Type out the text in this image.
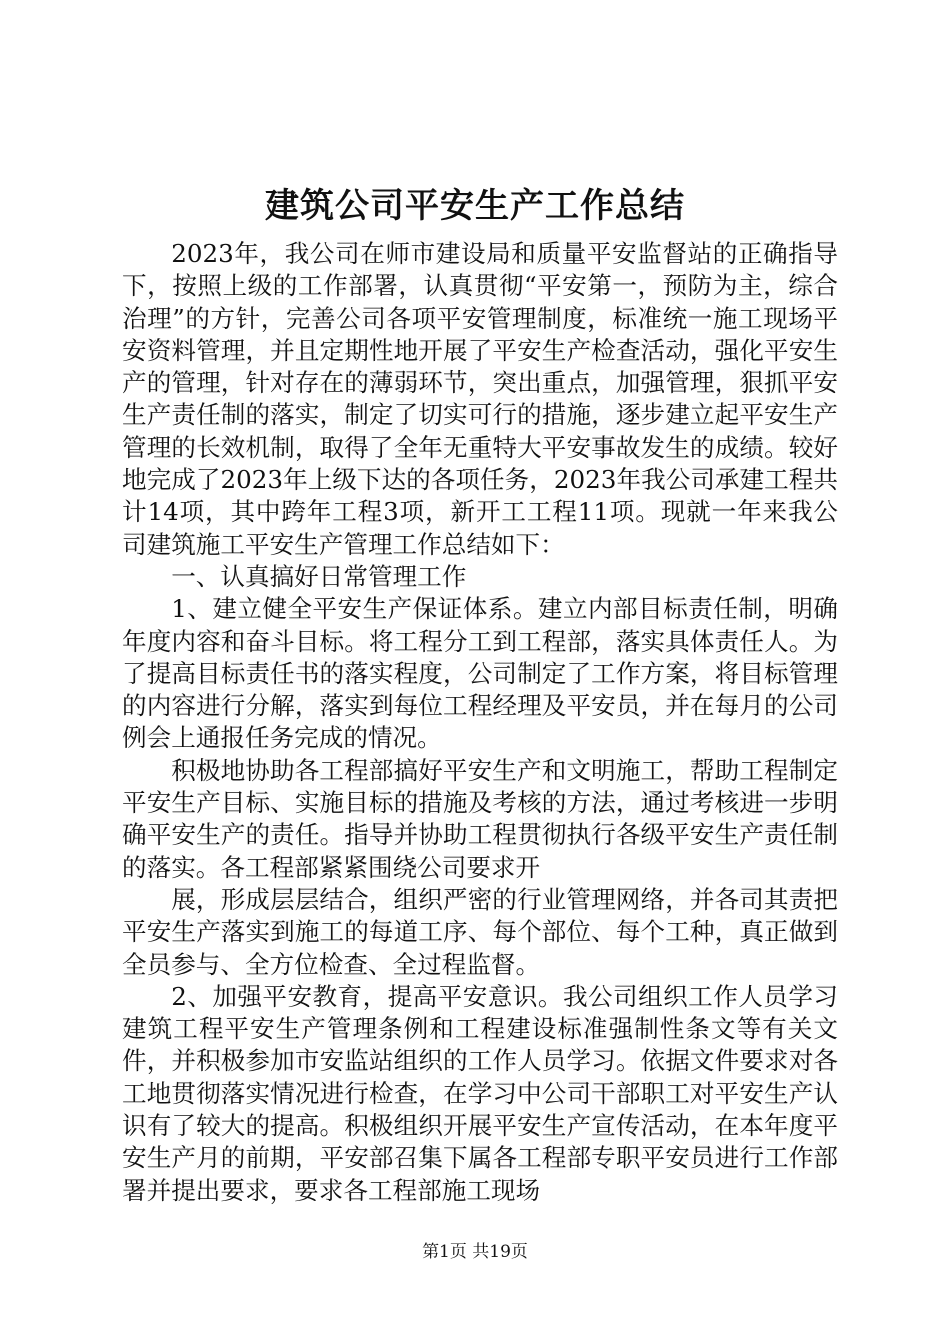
建筑公司平安生产工作总结

2023年，我公司在师市建设局和质量平安监督站的正确指导下，按照上级的工作部署，认真贯彻“平安第一，预防为主，综合治理”的方针，完善公司各项平安管理制度，标准统一施工现场平安资料管理，并且定期性地开展了平安生产检查活动，强化平安生产的管理，针对存在的薄弱环节，突出重点，加强管理，狠抓平安生产责任制的落实，制定了切实可行的措施，逐步建立起平安生产管理的长效机制，取得了全年无重特大平安事故发生的成绩。较好地完成了2023年上级下达的各项任务，2023年我公司承建工程共计14项，其中跨年工程3项，新开工工程11项。现就一年来我公司建筑施工平安生产管理工作总结如下：

一、认真搞好日常管理工作

1、建立健全平安生产保证体系。建立内部目标责任制，明确年度内容和奋斗目标。将工程分工到工程部，落实具体责任人。为了提高目标责任书的落实程度，公司制定了工作方案，将目标管理的内容进行分解，落实到每位工程经理及平安员，并在每月的公司例会上通报任务完成的情况。

积极地协助各工程部搞好平安生产和文明施工，帮助工程制定平安生产目标、实施目标的措施及考核的方法，通过考核进一步明确平安生产的责任。指导并协助工程贯彻执行各级平安生产责任制的落实。各工程部紧紧围绕公司要求开

展，形成层层结合，组织严密的行业管理网络，并各司其责把平安生产落实到施工的每道工序、每个部位、每个工种，真正做到全员参与、全方位检查、全过程监督。

2、加强平安教育，提高平安意识。我公司组织工作人员学习建筑工程平安生产管理条例和工程建设标准强制性条文等有关文件，并积极参加市安监站组织的工作人员学习。依据文件要求对各工地贯彻落实情况进行检查，在学习中公司干部职工对平安生产认识有了较大的提高。积极组织开展平安生产宣传活动，在本年度平安生产月的前期，平安部召集下属各工程部专职平安员进行工作部署并提出要求，要求各工程部施工现场

第1页 共19页
